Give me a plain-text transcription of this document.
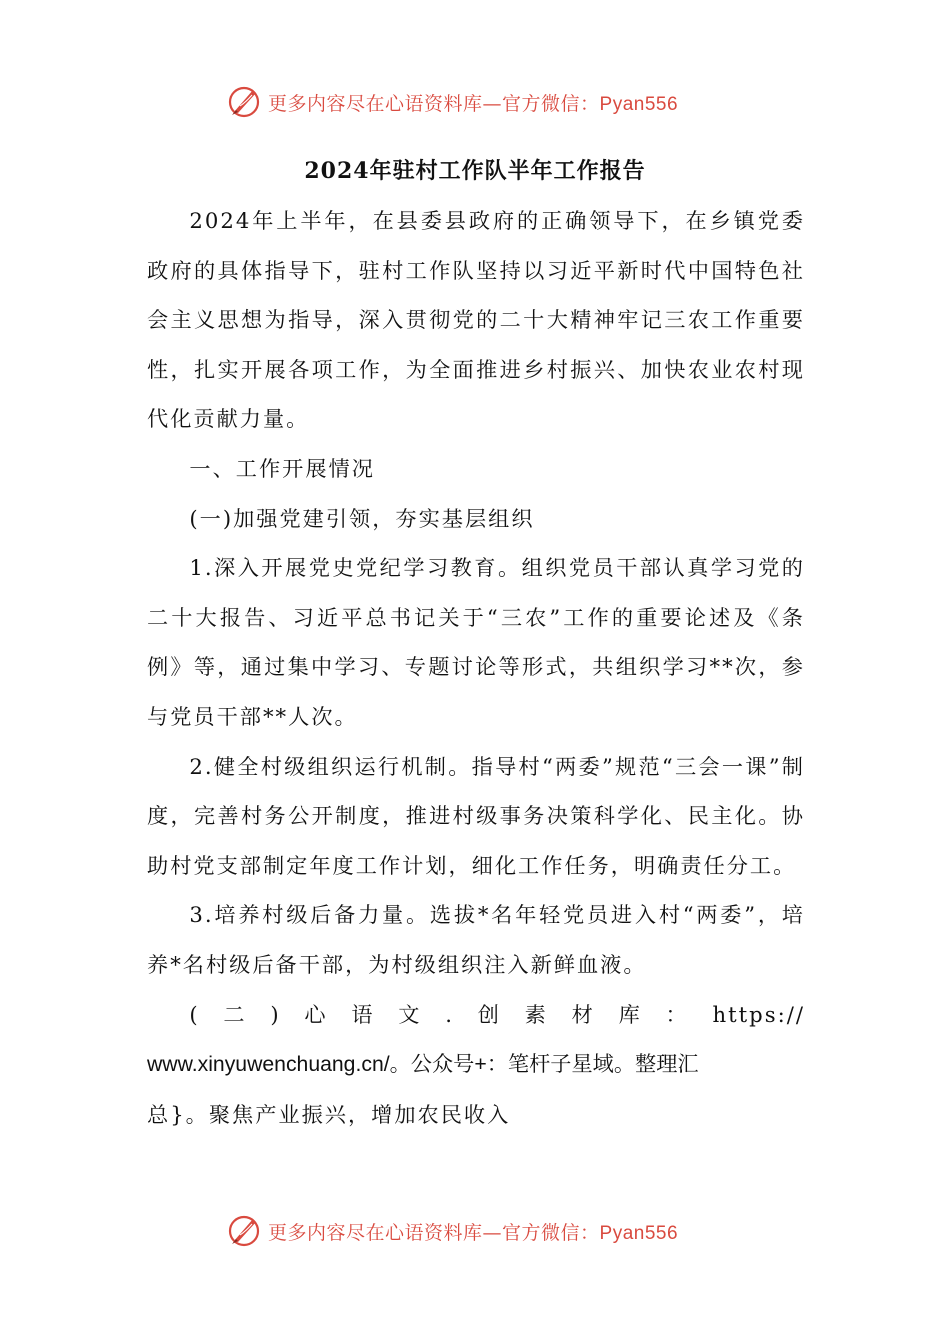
更多内容尽在心语资料库—官方微信：Pyan556
2024年驻村工作队半年工作报告

2024年上半年，在县委县政府的正确领导下，在乡镇党委政府的具体指导下，驻村工作队坚持以习近平新时代中国特色社会主义思想为指导，深入贯彻党的二十大精神牢记三农工作重要性，扎实开展各项工作，为全面推进乡村振兴、加快农业农村现代化贡献力量。

一、工作开展情况

(一)加强党建引领，夯实基层组织

1.深入开展党史党纪学习教育。组织党员干部认真学习党的二十大报告、习近平总书记关于“三农”工作的重要论述及《条例》等，通过集中学习、专题讨论等形式，共组织学习**次，参与党员干部**人次。

2.健全村级组织运行机制。指导村“两委”规范“三会一课”制度，完善村务公开制度，推进村级事务决策科学化、民主化。协助村党支部制定年度工作计划，细化工作任务，明确责任分工。

3.培养村级后备力量。选拔*名年轻党员进入村“两委”，培养*名村级后备干部，为村级组织注入新鲜血液。

(二)心语文.创素材库：https://

www.xinyuwenchuang.cn/。公众号+：笔杆子星域。整理汇

总}。聚焦产业振兴，增加农民收入

更多内容尽在心语资料库—官方微信：Pyan556
